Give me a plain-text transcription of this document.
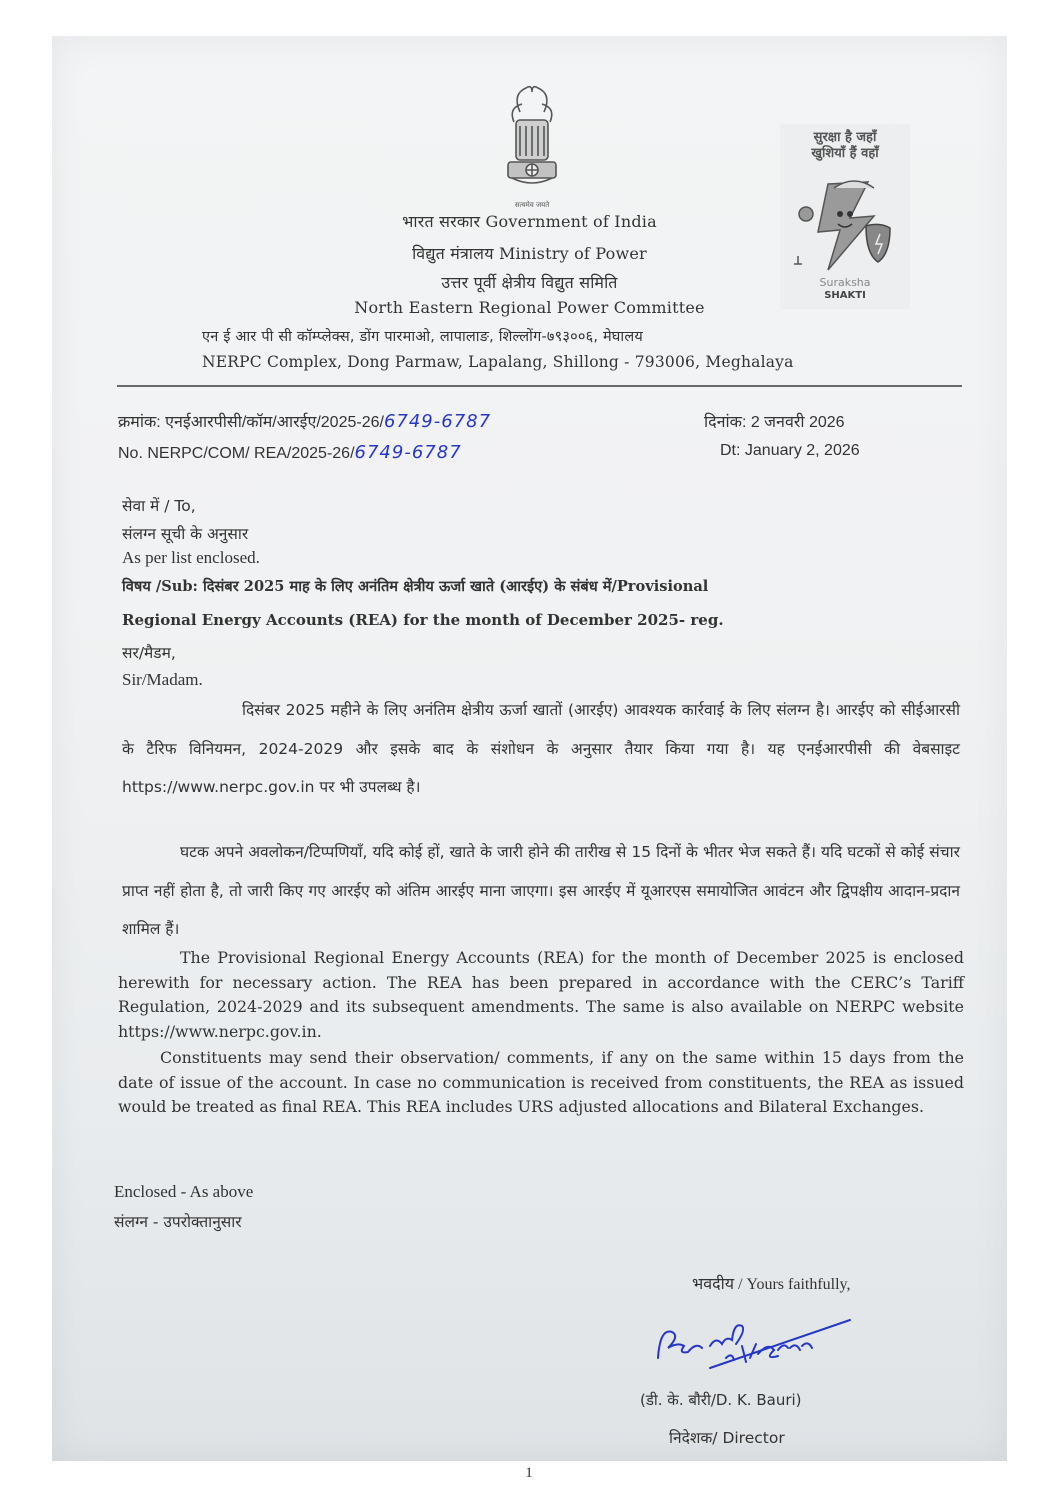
सत्यमेव जयते
भारत सरकार Government of India
विद्युत मंत्रालय Ministry of Power
उत्तर पूर्वी क्षेत्रीय विद्युत समिति
North Eastern Regional Power Committee
एन ई आर पी सी कॉम्प्लेक्स, डोंग पारमाओ, लापालाङ, शिल्लोंग-७९३००६, मेघालय
NERPC Complex, Dong Parmaw, Lapalang, Shillong - 793006, Meghalaya
सुरक्षा है जहाँ
खुशियाँ हैं वहाँ
Suraksha
SHAKTI
क्रमांक: एनईआरपीसी/कॉम/आरईए/2025-26/6749-6787
No. NERPC/COM/ REA/2025-26/6749-6787
दिनांक: 2 जनवरी 2026
Dt: January 2, 2026
सेवा में / To,
संलग्न सूची के अनुसार
As per list enclosed.
विषय /Sub: दिसंबर 2025 माह के लिए अनंतिम क्षेत्रीय ऊर्जा खाते (आरईए) के संबंध में/Provisional
Regional Energy Accounts (REA) for the month of December 2025- reg.
सर/मैडम,
Sir/Madam.
दिसंबर 2025 महीने के लिए अनंतिम क्षेत्रीय ऊर्जा खातों (आरईए) आवश्यक कार्रवाई के लिए संलग्न है। आरईए को सीईआरसी के टैरिफ विनियमन, 2024-2029 और इसके बाद के संशोधन के अनुसार तैयार किया गया है। यह एनईआरपीसी की वेबसाइट https://www.nerpc.gov.in पर भी उपलब्ध है।
घटक अपने अवलोकन/टिप्पणियाँ, यदि कोई हों, खाते के जारी होने की तारीख से 15 दिनों के भीतर भेज सकते हैं। यदि घटकों से कोई संचार प्राप्त नहीं होता है, तो जारी किए गए आरईए को अंतिम आरईए माना जाएगा। इस आरईए में यूआरएस समायोजित आवंटन और द्विपक्षीय आदान-प्रदान शामिल हैं।
The Provisional Regional Energy Accounts (REA) for the month of December 2025 is enclosed herewith for necessary action. The REA has been prepared in accordance with the CERC’s Tariff Regulation, 2024-2029 and its subsequent amendments. The same is also available on NERPC website https://www.nerpc.gov.in.
Constituents may send their observation/ comments, if any on the same within 15 days from the date of issue of the account. In case no communication is received from constituents, the REA as issued would be treated as final REA. This REA includes URS adjusted allocations and Bilateral Exchanges.
Enclosed - As above
संलग्न - उपरोक्तानुसार
भवदीय / Yours faithfully,
(डी. के. बौरी/D. K. Bauri)
निदेशक/ Director
1
